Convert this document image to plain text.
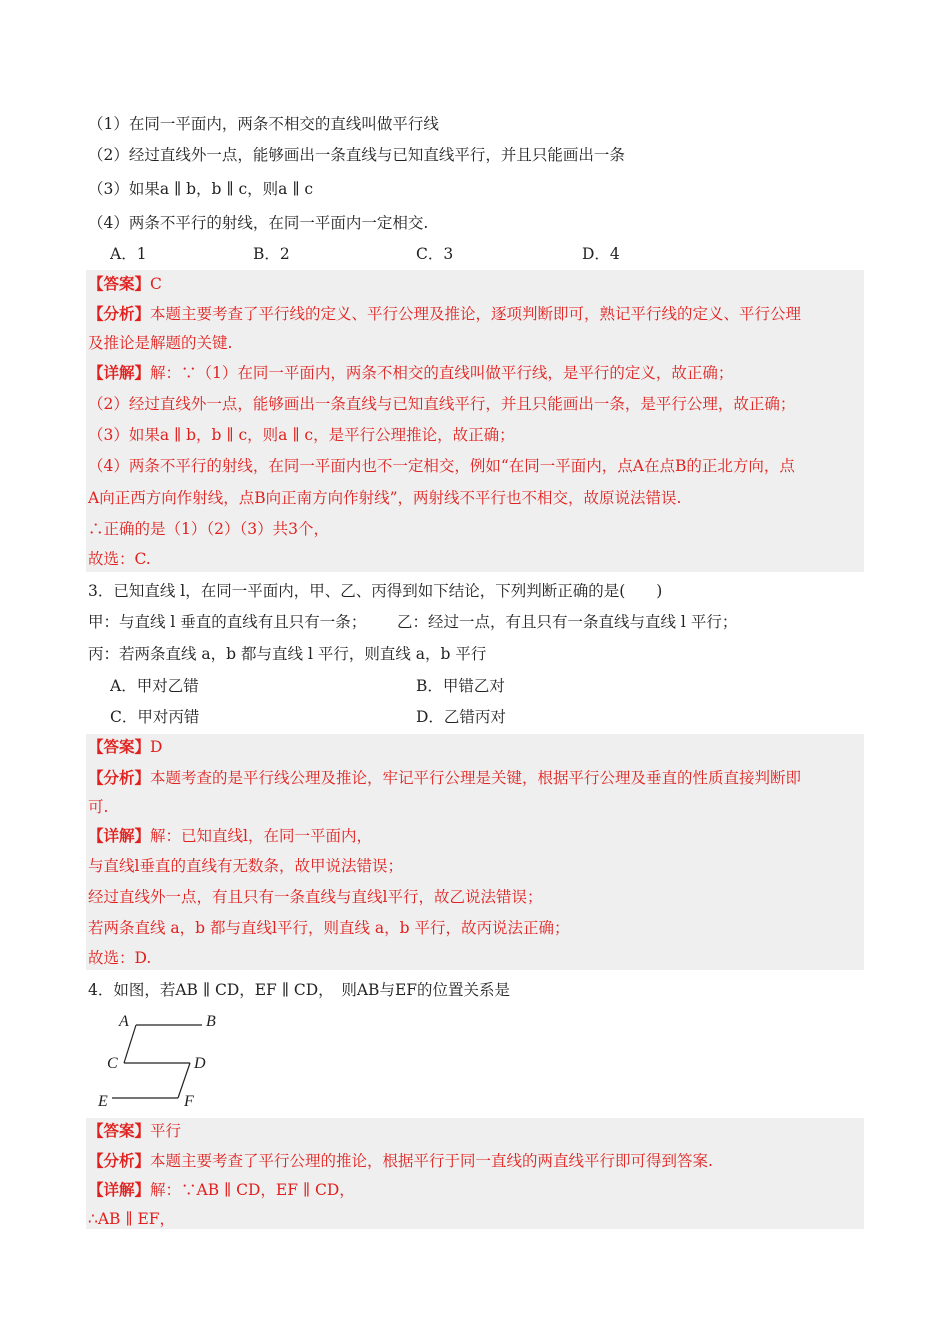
（1）在同一平面内，两条不相交的直线叫做平行线
（2）经过直线外一点，能够画出一条直线与已知直线平行，并且只能画出一条
（3）如果a ∥ b，b ∥ c，则a ∥ c
（4）两条不平行的射线，在同一平面内一定相交.
A．1	B．2	C．3	D．4
【答案】C
【分析】本题主要考查了平行线的定义、平行公理及推论，逐项判断即可，熟记平行线的定义、平行公理
及推论是解题的关键.
【详解】解：∵（1）在同一平面内，两条不相交的直线叫做平行线，是平行的定义，故正确；
（2）经过直线外一点，能够画出一条直线与已知直线平行，并且只能画出一条，是平行公理，故正确；
（3）如果a ∥ b，b ∥ c，则a ∥ c，是平行公理推论，故正确；
（4）两条不平行的射线，在同一平面内也不一定相交，例如“在同一平面内，点A在点B的正北方向，点
A向正西方向作射线，点B向正南方向作射线”，两射线不平行也不相交，故原说法错误.
∴正确的是（1）（2）（3）共3个，
故选：C.
3．已知直线 l，在同一平面内，甲、乙、丙得到如下结论，下列判断正确的是(　　)
甲：与直线 l 垂直的直线有且只有一条； 乙：经过一点，有且只有一条直线与直线 l 平行；
丙：若两条直线 a，b 都与直线 l 平行，则直线 a，b 平行
A．甲对乙错	B．甲错乙对
C．甲对丙错	D．乙错丙对
【答案】D
【分析】本题考查的是平行线公理及推论，牢记平行公理是关键，根据平行公理及垂直的性质直接判断即
可.
【详解】解：已知直线l，在同一平面内，
与直线l垂直的直线有无数条，故甲说法错误；
经过直线外一点，有且只有一条直线与直线l平行，故乙说法错误；
若两条直线 a，b 都与直线l平行，则直线 a，b 平行，故丙说法正确；
故选：D.
4．如图，若AB ∥ CD，EF ∥ CD，　则AB与EF的位置关系是
A	B
C	D
E	F
【答案】平行
【分析】本题主要考查了平行公理的推论，根据平行于同一直线的两直线平行即可得到答案.
【详解】解：∵AB ∥ CD，EF ∥ CD，
∴AB ∥ EF，
